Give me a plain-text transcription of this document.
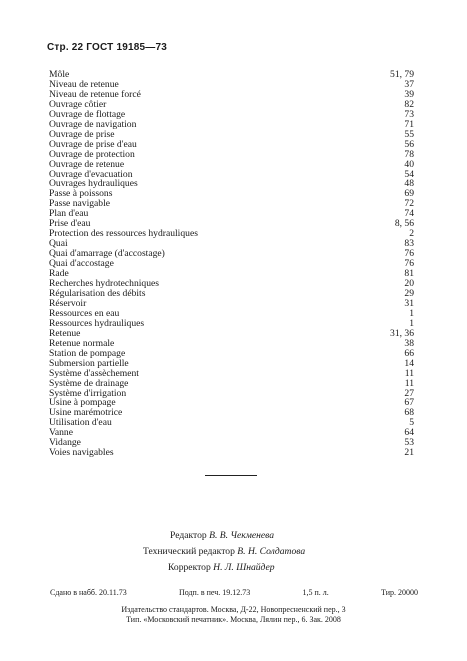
Стр. 22 ГОСТ 19185—73
Môle	51, 79
Niveau de retenue	37
Niveau de retenue forcé	39
Ouvrage côtier	82
Ouvrage de flottage	73
Ouvrage de navigation	71
Ouvrage de prise	55
Ouvrage de prise d'eau	56
Ouvrage de protection	78
Ouvrage de retenue	40
Ouvrage d'evacuation	54
Ouvrages hydrauliques	48
Passe à poissons	69
Passe navigable	72
Plan d'eau	74
Prise d'eau	8, 56
Protection des ressources hydrauliques	2
Quai	83
Quai d'amarrage (d'accostage)	76
Quai d'accostage	76
Rade	81
Recherches hydrotechniques	20
Régularisation des débits	29
Réservoir	31
Ressources en eau	1
Ressources hydrauliques	1
Retenue	31, 36
Retenue normale	38
Station de pompage	66
Submersion partielle	14
Système d'assèchement	11
Système de drainage	11
Système d'irrigation	27
Usine à pompage	67
Usine marémotrice	68
Utilisation d'eau	5
Vanne	64
Vidange	53
Voies navigables	21
Редактор В. В. Чекменева
Технический редактор В. Н. Солдатова
Корректор Н. Л. Шнайдер
Сдано в набб. 20.11.73	Подп. в печ. 19.12.73	1,5 п. л.	Тир. 20000
Издательство стандартов. Москва, Д-22, Новопресненский пер., 3
Тип. «Московский печатник». Москва, Лялин пер., 6. Зак. 2008
